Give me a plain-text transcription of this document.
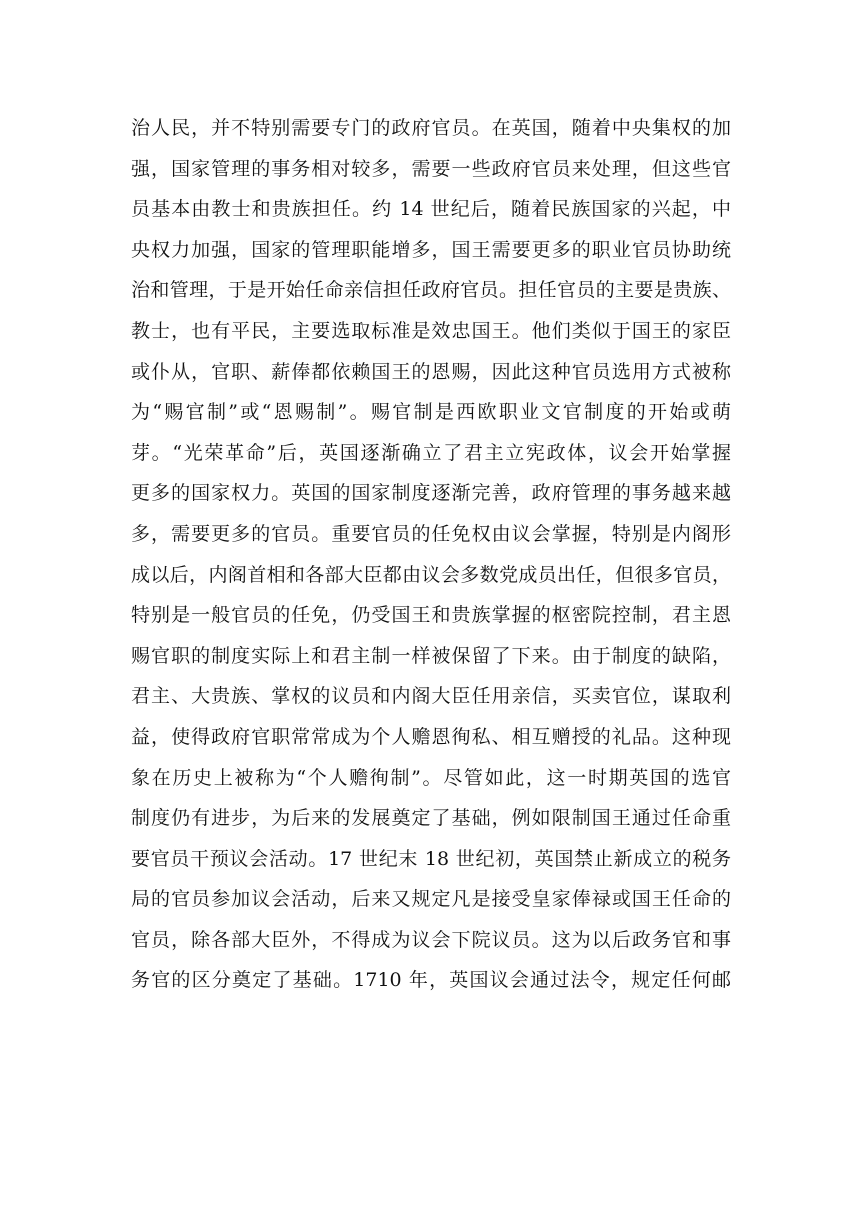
治人民，并不特别需要专门的政府官员。在英国，随着中央集权的加
强，国家管理的事务相对较多，需要一些政府官员来处理，但这些官
员基本由教士和贵族担任。约 14 世纪后，随着民族国家的兴起，中
央权力加强，国家的管理职能增多，国王需要更多的职业官员协助统
治和管理，于是开始任命亲信担任政府官员。担任官员的主要是贵族、
教士，也有平民，主要选取标准是效忠国王。他们类似于国王的家臣
或仆从，官职、薪俸都依赖国王的恩赐，因此这种官员选用方式被称
为“赐官制”或“恩赐制”。赐官制是西欧职业文官制度的开始或萌
芽。“光荣革命”后，英国逐渐确立了君主立宪政体，议会开始掌握
更多的国家权力。英国的国家制度逐渐完善，政府管理的事务越来越
多，需要更多的官员。重要官员的任免权由议会掌握，特别是内阁形
成以后，内阁首相和各部大臣都由议会多数党成员出任，但很多官员，
特别是一般官员的任免，仍受国王和贵族掌握的枢密院控制，君主恩
赐官职的制度实际上和君主制一样被保留了下来。由于制度的缺陷，
君主、大贵族、掌权的议员和内阁大臣任用亲信，买卖官位，谋取利
益，使得政府官职常常成为个人赡恩徇私、相互赠授的礼品。这种现
象在历史上被称为“个人赡徇制”。尽管如此，这一时期英国的选官
制度仍有进步，为后来的发展奠定了基础，例如限制国王通过任命重
要官员干预议会活动。17 世纪末 18 世纪初，英国禁止新成立的税务
局的官员参加议会活动，后来又规定凡是接受皇家俸禄或国王任命的
官员，除各部大臣外，不得成为议会下院议员。这为以后政务官和事
务官的区分奠定了基础。1710 年，英国议会通过法令，规定任何邮
